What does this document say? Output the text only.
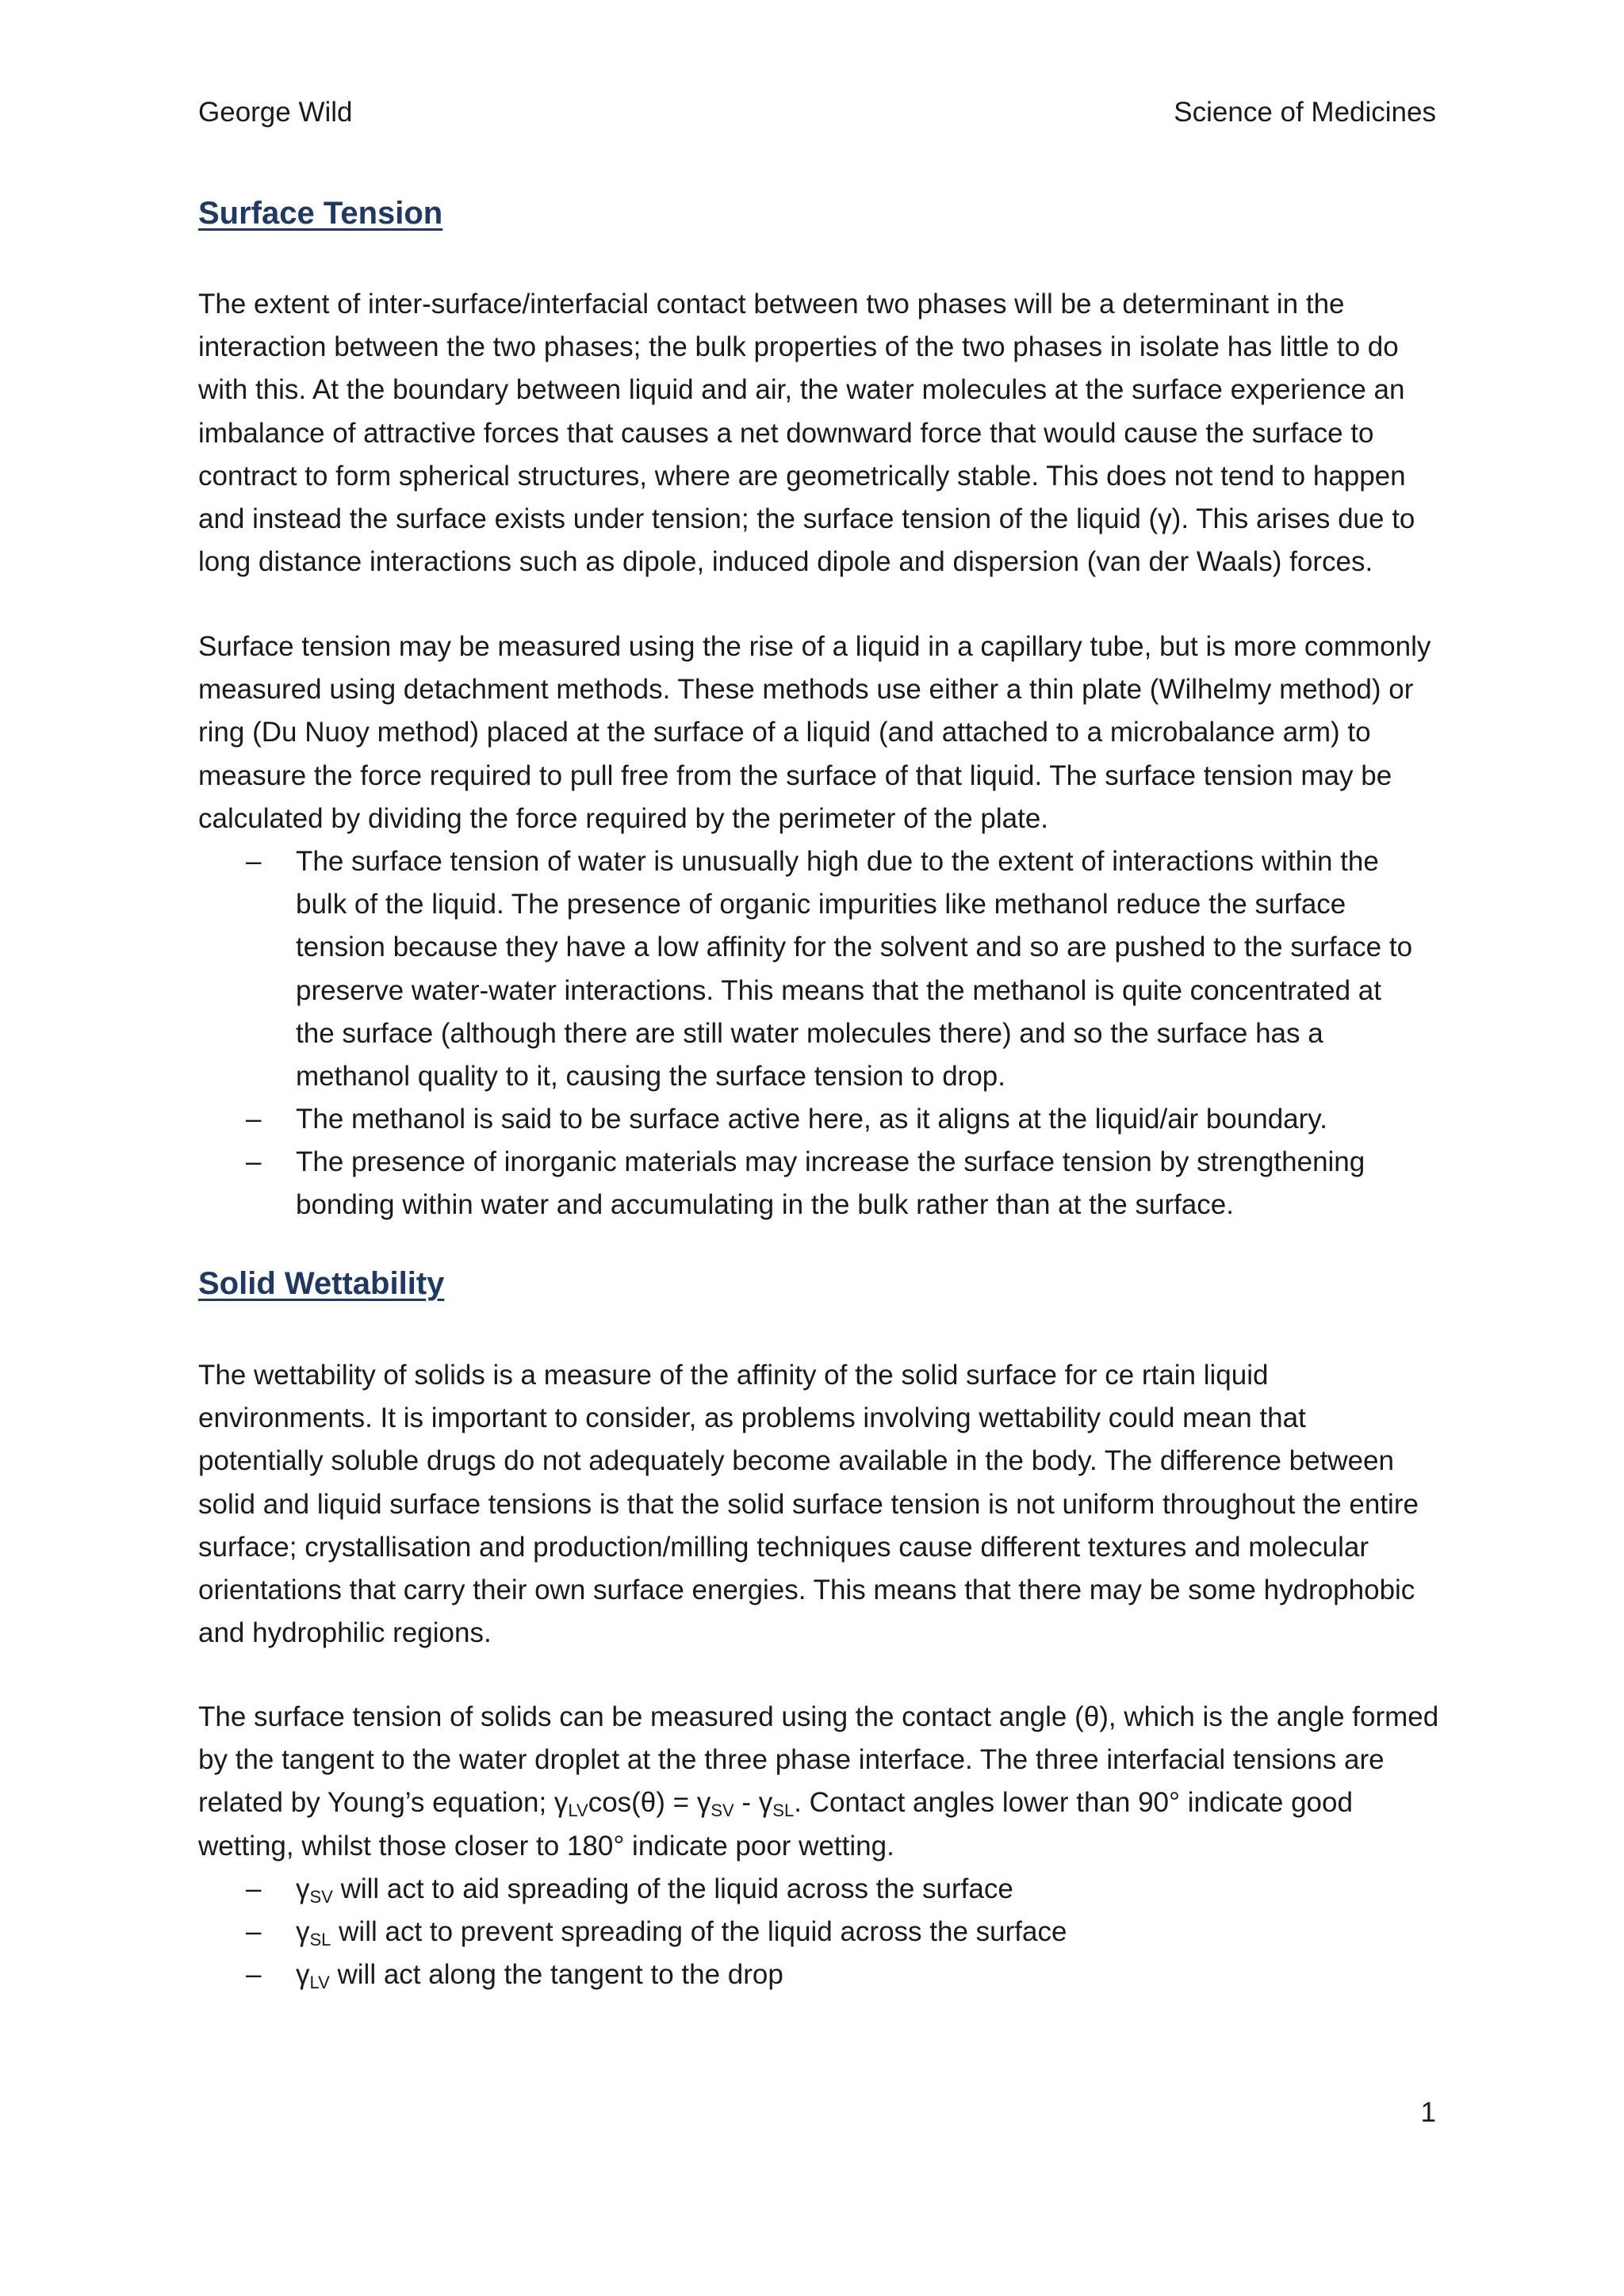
George Wild	Science of Medicines
Surface Tension

The extent of inter-surface/interfacial contact between two phases will be a determinant in the

interaction between the two phases; the bulk properties of the two phases in isolate has little to do

with this. At the boundary between liquid and air, the water molecules at the surface experience an

imbalance of attractive forces that causes a net downward force that would cause the surface to

contract to form spherical structures, where are geometrically stable. This does not tend to happen

and instead the surface exists under tension; the surface tension of the liquid (γ). This arises due to

long distance interactions such as dipole, induced dipole and dispersion (van der Waals) forces.

Surface tension may be measured using the rise of a liquid in a capillary tube, but is more commonly

measured using detachment methods. These methods use either a thin plate (Wilhelmy method) or

ring (Du Nuoy method) placed at the surface of a liquid (and attached to a microbalance arm) to

measure the force required to pull free from the surface of that liquid. The surface tension may be

calculated by dividing the force required by the perimeter of the plate.

–	The surface tension of water is unusually high due to the extent of interactions within the

bulk of the liquid. The presence of organic impurities like methanol reduce the surface

tension because they have a low affinity for the solvent and so are pushed to the surface to

preserve water-water interactions. This means that the methanol is quite concentrated at

the surface (although there are still water molecules there) and so the surface has a

methanol quality to it, causing the surface tension to drop.

–	The methanol is said to be surface active here, as it aligns at the liquid/air boundary.

–	The presence of inorganic materials may increase the surface tension by strengthening

bonding within water and accumulating in the bulk rather than at the surface.

Solid Wettability

The wettability of solids is a measure of the affinity of the solid surface for ce rtain liquid

environments. It is important to consider, as problems involving wettability could mean that

potentially soluble drugs do not adequately become available in the body. The difference between

solid and liquid surface tensions is that the solid surface tension is not uniform throughout the entire

surface; crystallisation and production/milling techniques cause different textures and molecular

orientations that carry their own surface energies. This means that there may be some hydrophobic

and hydrophilic regions.

The surface tension of solids can be measured using the contact angle (θ), which is the angle formed

by the tangent to the water droplet at the three phase interface. The three interfacial tensions are

related by Young’s equation; $\gamma_{LV}\cos(\theta) = \gamma_{SV} - \gamma_{SL}$. Contact angles lower than 90° indicate good

wetting, whilst those closer to 180° indicate poor wetting.

–	$\gamma_{SV}$ will act to aid spreading of the liquid across the surface
–	$\gamma_{SL}$ will act to prevent spreading of the liquid across the surface
–	$\gamma_{LV}$ will act along the tangent to the drop
1
